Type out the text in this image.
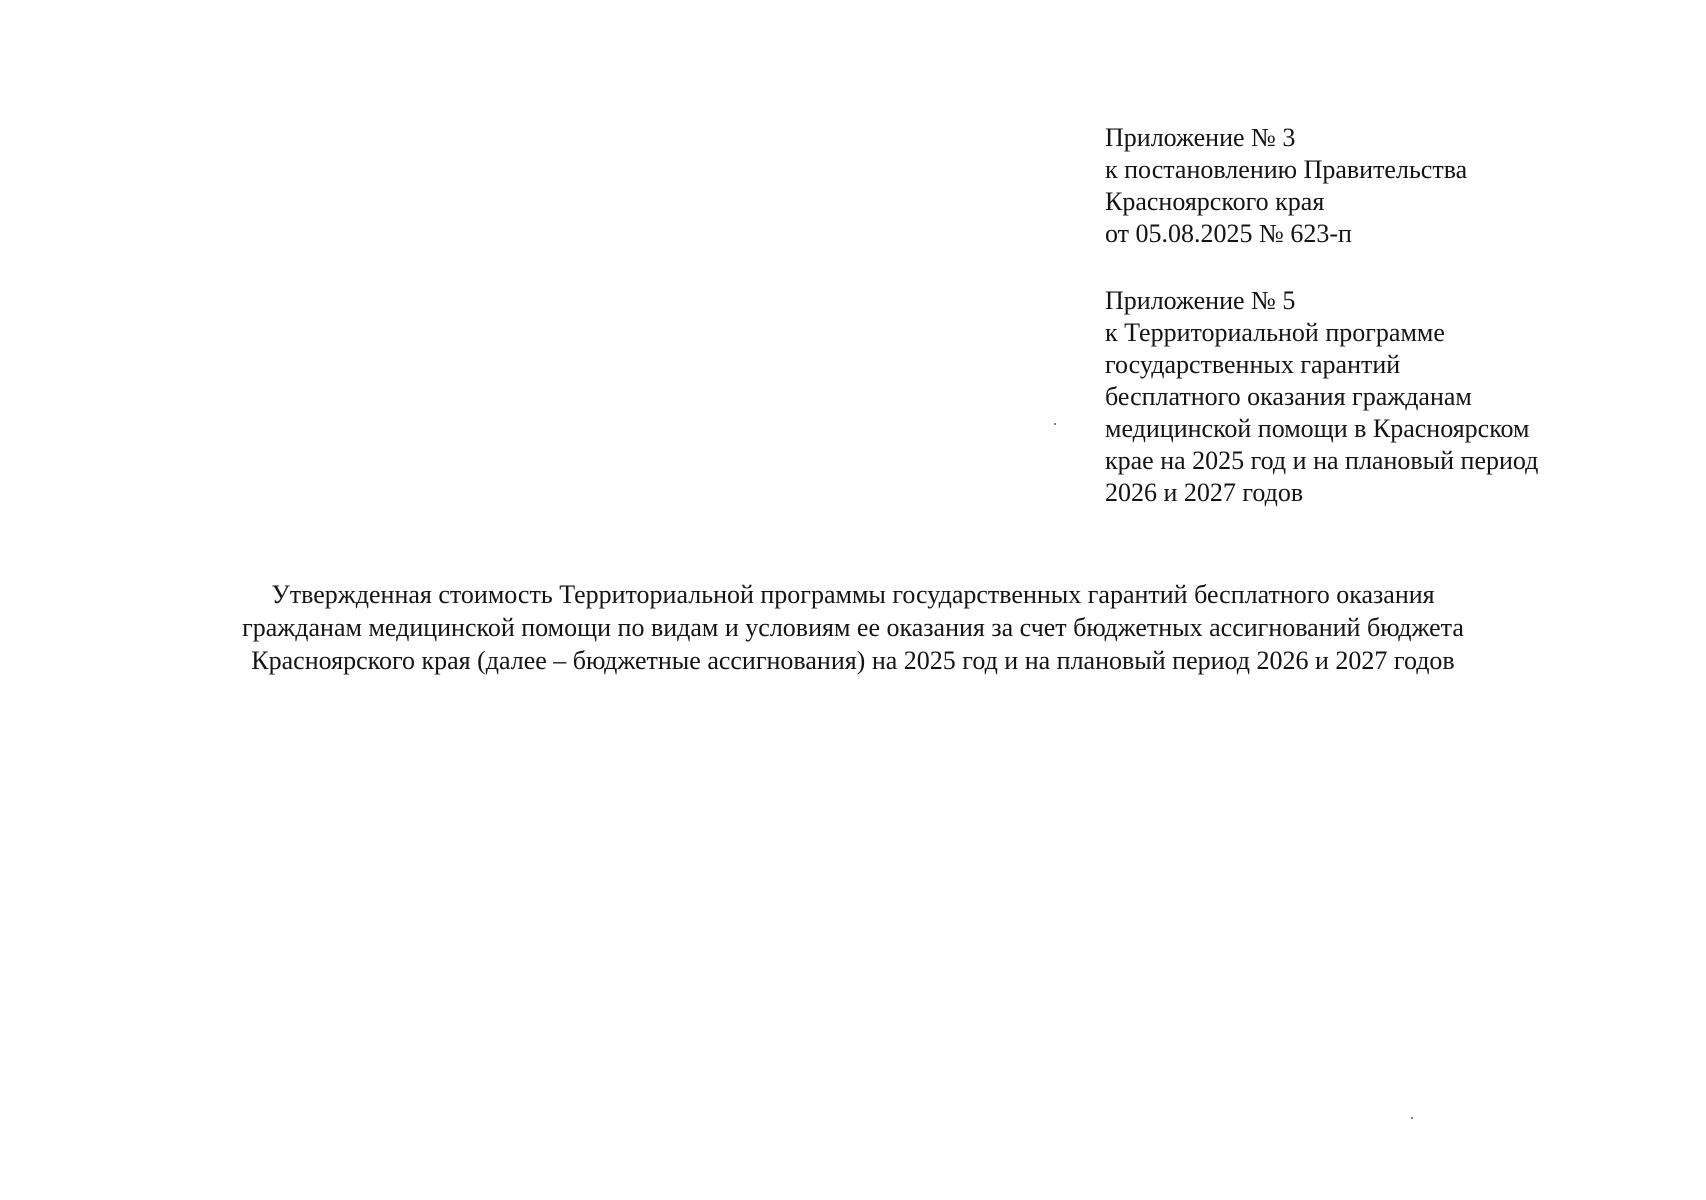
Приложение № 3
к постановлению Правительства
Красноярского края
от 05.08.2025 № 623-п
Приложение № 5
к Территориальной программе
государственных гарантий
бесплатного оказания гражданам
медицинской помощи в Красноярском
крае на 2025 год и на плановый период
2026 и 2027 годов
Утвержденная стоимость Территориальной программы государственных гарантий бесплатного оказания
гражданам медицинской помощи по видам и условиям ее оказания за счет бюджетных ассигнований бюджета
Красноярского края (далее – бюджетные ассигнования) на 2025 год и на плановый период 2026 и 2027 годов
